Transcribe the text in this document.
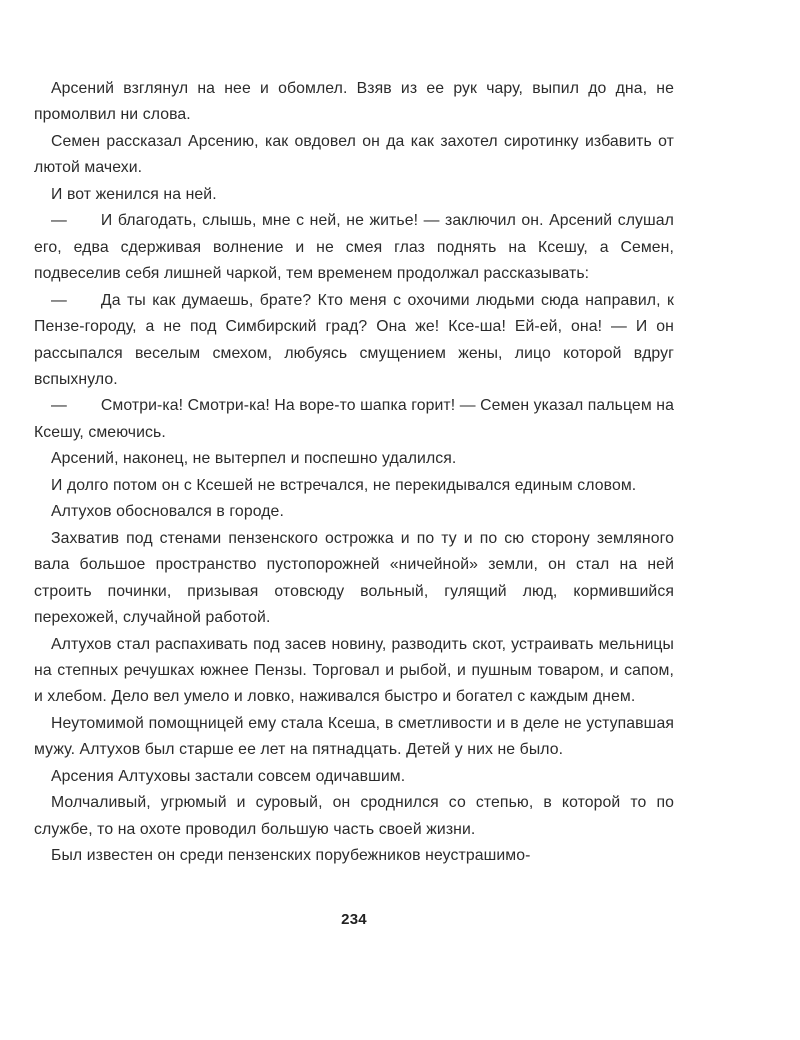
Арсений взглянул на нее и обомлел. Взяв из ее рук чару, выпил до дна, не промолвил ни слова.

Семен рассказал Арсению, как овдовел он да как захотел сиротинку избавить от лютой мачехи.

И вот женился на ней.

— И благодать, слышь, мне с ней, не житье! — заключил он. Арсений слушал его, едва сдерживая волнение и не смея глаз поднять на Ксешу, а Семен, подвеселив себя лишней чаркой, тем временем продолжал рассказывать:

— Да ты как думаешь, брате? Кто меня с охочими людьми сюда направил, к Пензе-городу, а не под Симбирский град? Она же! Ксе-ша! Ей-ей, она! — И он рассыпался веселым смехом, любуясь смущением жены, лицо которой вдруг вспыхнуло.

— Смотри-ка! Смотри-ка! На воре-то шапка горит! — Семен указал пальцем на Ксешу, смеючись.

Арсений, наконец, не вытерпел и поспешно удалился.

И долго потом он с Ксешей не встречался, не перекидывался единым словом.

Алтухов обосновался в городе.

Захватив под стенами пензенского острожка и по ту и по сю сторону земляного вала большое пространство пустопорожней «ничейной» земли, он стал на ней строить починки, призывая отовсюду вольный, гулящий люд, кормившийся перехожей, случайной работой.

Алтухов стал распахивать под засев новину, разводить скот, устраивать мельницы на степных речушках южнее Пензы. Торговал и рыбой, и пушным товаром, и сапом, и хлебом. Дело вел умело и ловко, наживался быстро и богател с каждым днем.

Неутомимой помощницей ему стала Ксеша, в сметливости и в деле не уступавшая мужу. Алтухов был старше ее лет на пятнадцать. Детей у них не было.

Арсения Алтуховы застали совсем одичавшим.

Молчаливый, угрюмый и суровый, он сроднился со степью, в которой то по службе, то на охоте проводил большую часть своей жизни.

Был известен он среди пензенских порубежников неустрашимо-

234
